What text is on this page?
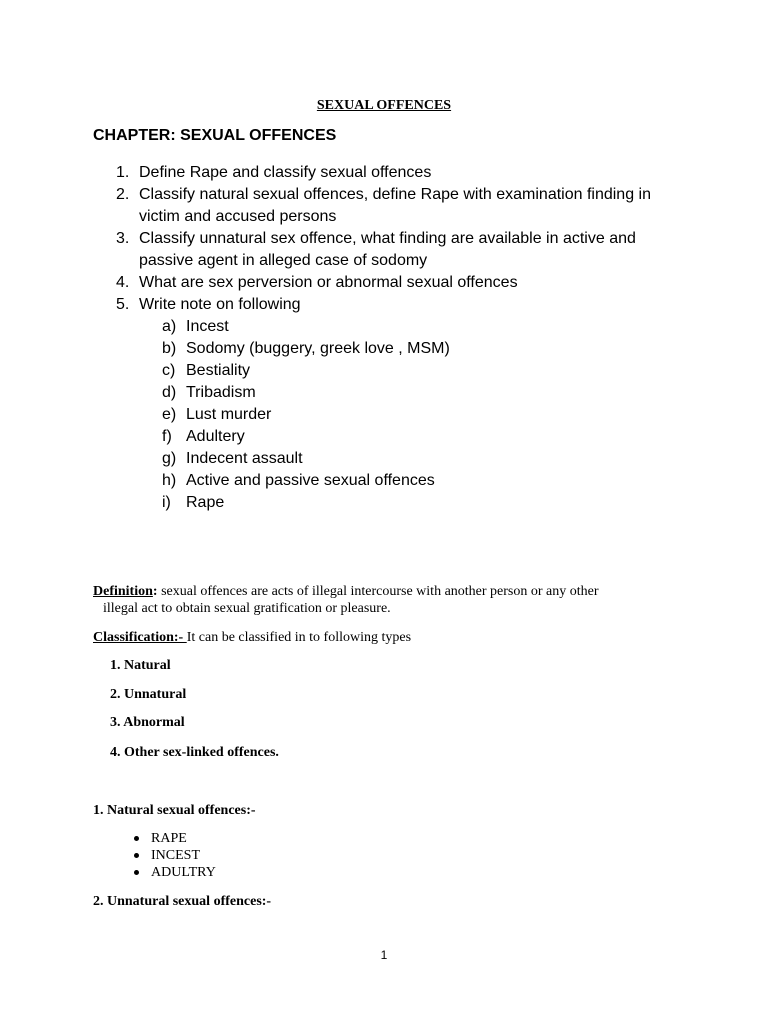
SEXUAL OFFENCES
CHAPTER: SEXUAL OFFENCES
1. Define Rape and classify sexual offences
2. Classify natural sexual offences, define Rape with examination finding in victim and accused persons
3. Classify unnatural sex offence, what finding are available in active and passive agent in alleged case of sodomy
4. What are sex perversion or abnormal sexual offences
5. Write note on following
a) Incest
b) Sodomy (buggery, greek love , MSM)
c) Bestiality
d) Tribadism
e) Lust murder
f) Adultery
g) Indecent assault
h) Active and passive sexual offences
i) Rape
Definition: sexual offences are acts of illegal intercourse with another person or any other
illegal act to obtain sexual gratification or pleasure.
Classification:- It can be classified in to following types
1. Natural
2. Unnatural
3. Abnormal
4. Other sex-linked offences.
1. Natural sexual offences:-
RAPE
INCEST
ADULTRY
2. Unnatural sexual offences:-
1
